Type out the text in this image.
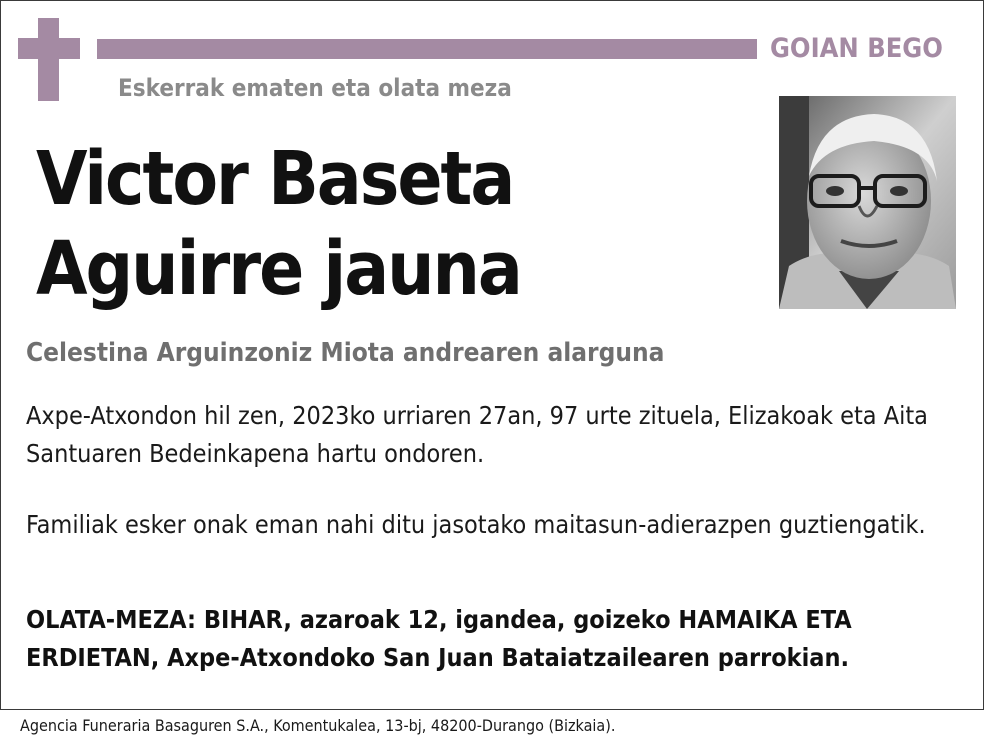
GOIAN BEGO
Eskerrak ematen eta olata meza
Victor Baseta
Aguirre jauna
Celestina Arguinzoniz Miota andrearen alarguna
Axpe-Atxondon hil zen, 2023ko urriaren 27an, 97 urte zituela, Elizakoak eta Aita Santuaren Bedeinkapena hartu ondoren.
Familiak esker onak eman nahi ditu jasotako maitasun-adierazpen guztiengatik.
OLATA-MEZA: BIHAR, azaroak 12, igandea, goizeko HAMAIKA ETA ERDIETAN, Axpe-Atxondoko San Juan Bataiatzailearen parrokian.
Agencia Funeraria Basaguren S.A., Komentukalea, 13-bj, 48200-Durango (Bizkaia).
